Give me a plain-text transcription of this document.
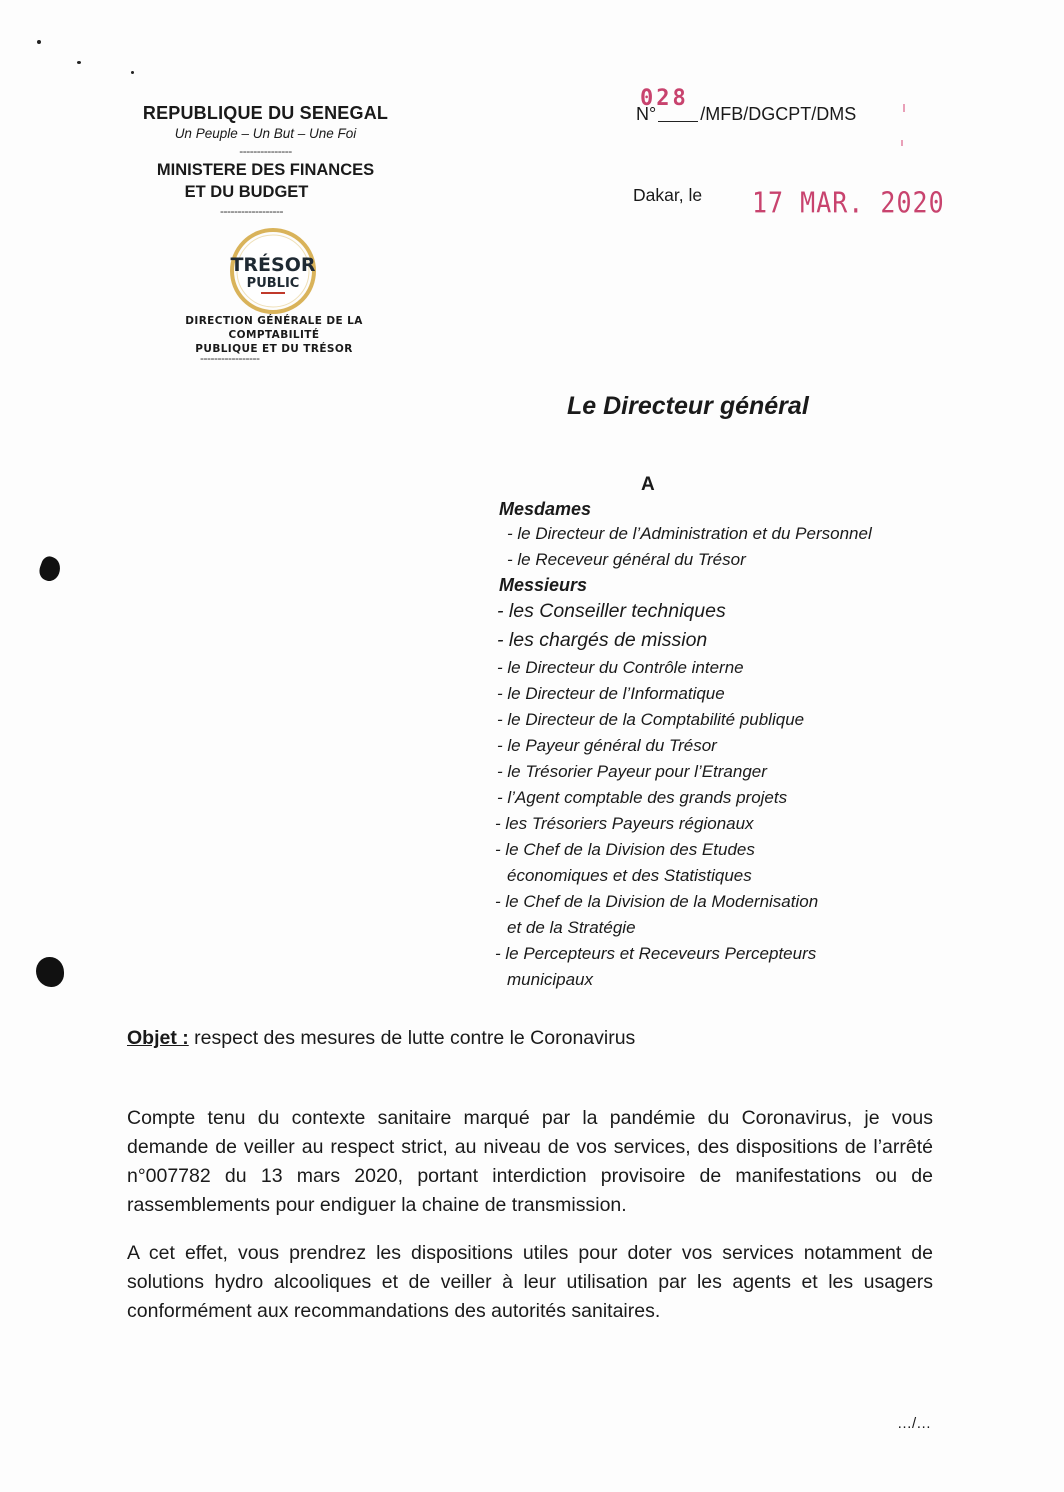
REPUBLIQUE DU SENEGAL
Un Peuple – Un But – Une Foi
---------------
MINISTERE DES FINANCES
ET DU BUDGET
------------------
TRÉSOR
PUBLIC
DIRECTION GÉNÉRALE DE LA COMPTABILITÉ
PUBLIQUE ET DU TRÉSOR
-----------------
N° /MFB/DGCPT/DMS
028
Dakar, le 17 MAR. 2020
Le Directeur général
A
Mesdames
- le Directeur de l’Administration et du Personnel
- le Receveur général du Trésor
Messieurs
- les Conseiller techniques
- les chargés de mission
- le Directeur du Contrôle interne
- le Directeur de l’Informatique
- le Directeur de la Comptabilité publique
- le Payeur général du Trésor
- le Trésorier Payeur pour l’Etranger
- l’Agent comptable des grands projets
- les Trésoriers Payeurs régionaux
- le Chef de la Division des Etudes
économiques et des Statistiques
- le Chef de la Division de la Modernisation
et de la Stratégie
- le Percepteurs et Receveurs Percepteurs
municipaux
Objet : respect des mesures de lutte contre le Coronavirus
Compte tenu du contexte sanitaire marqué par la pandémie du Coronavirus, je vous demande de veiller au respect strict, au niveau de vos services, des dispositions de l’arrêté n°007782 du 13 mars 2020, portant interdiction provisoire de manifestations ou de rassemblements pour endiguer la chaine de transmission.
A cet effet, vous prendrez les dispositions utiles pour doter vos services notamment de solutions hydro alcooliques et de veiller à leur utilisation par les agents et les usagers conformément aux recommandations des autorités sanitaires.
…/…
